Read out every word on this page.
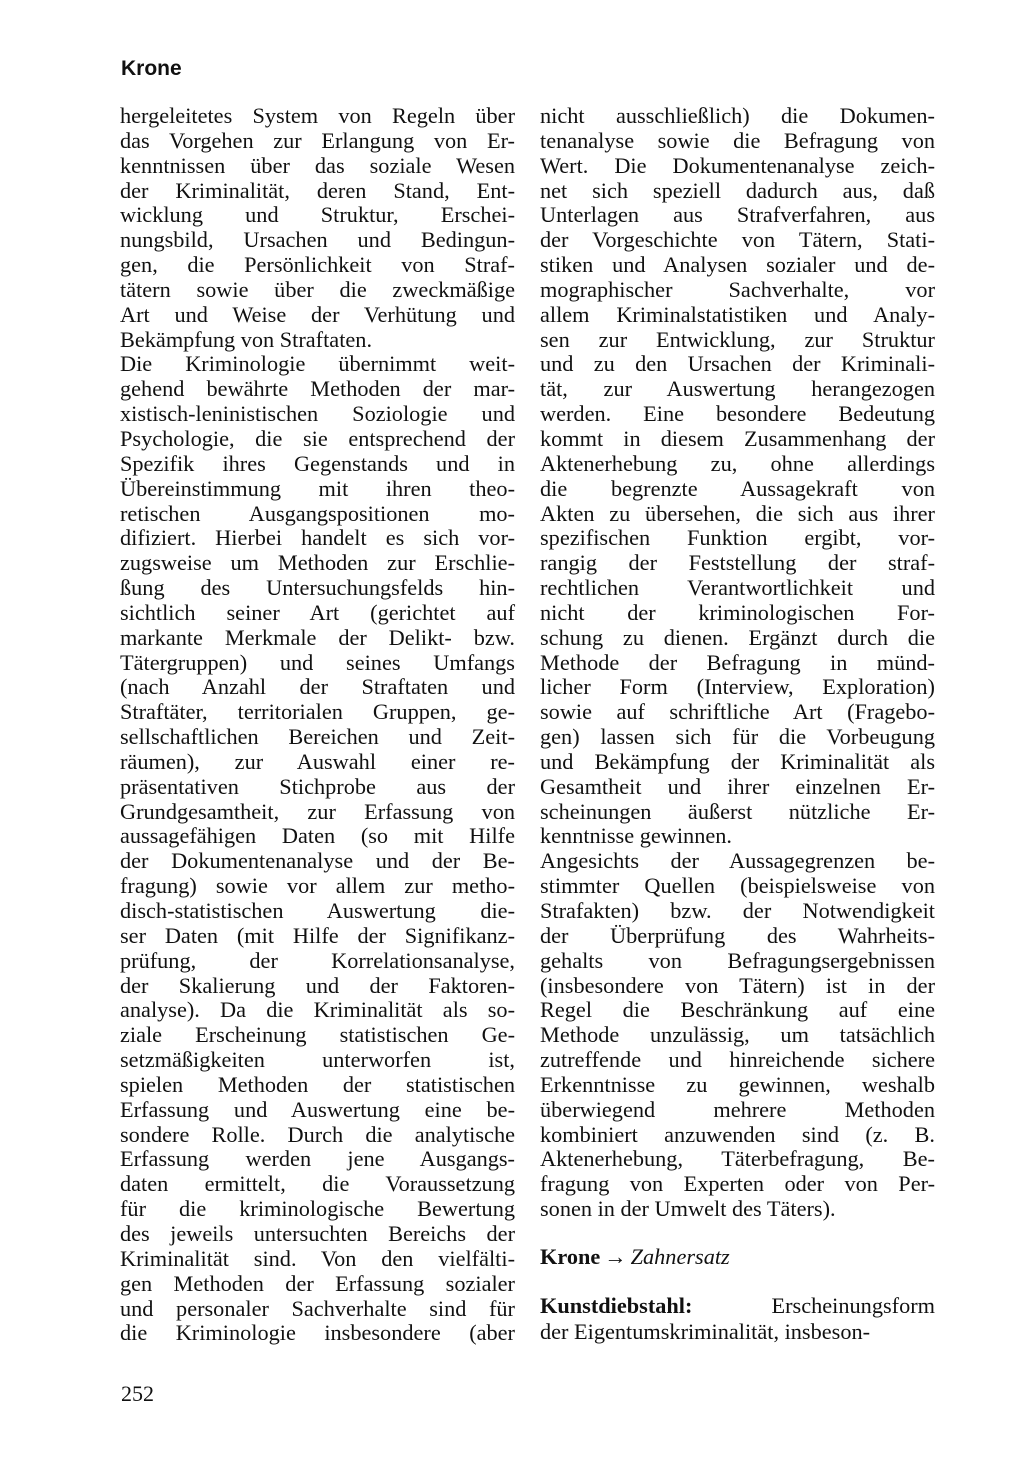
Krone
hergeleitetes System von Regeln über
das Vorgehen zur Erlangung von Er-
kenntnissen über das soziale Wesen
der Kriminalität, deren Stand, Ent-
wicklung und Struktur, Erschei-
nungsbild, Ursachen und Bedingun-
gen, die Persönlichkeit von Straf-
tätern sowie über die zweckmäßige
Art und Weise der Verhütung und
Bekämpfung von Straftaten.
Die Kriminologie übernimmt weit-
gehend bewährte Methoden der mar-
xistisch-leninistischen Soziologie und
Psychologie, die sie entsprechend der
Spezifik ihres Gegenstands und in
Übereinstimmung mit ihren theo-
retischen Ausgangspositionen mo-
difiziert. Hierbei handelt es sich vor-
zugsweise um Methoden zur Erschlie-
ßung des Untersuchungsfelds hin-
sichtlich seiner Art (gerichtet auf
markante Merkmale der Delikt- bzw.
Tätergruppen) und seines Umfangs
(nach Anzahl der Straftaten und
Straftäter, territorialen Gruppen, ge-
sellschaftlichen Bereichen und Zeit-
räumen), zur Auswahl einer re-
präsentativen Stichprobe aus der
Grundgesamtheit, zur Erfassung von
aussagefähigen Daten (so mit Hilfe
der Dokumentenanalyse und der Be-
fragung) sowie vor allem zur metho-
disch-statistischen Auswertung die-
ser Daten (mit Hilfe der Signifikanz-
prüfung, der Korrelationsanalyse,
der Skalierung und der Faktoren-
analyse). Da die Kriminalität als so-
ziale Erscheinung statistischen Ge-
setzmäßigkeiten unterworfen ist,
spielen Methoden der statistischen
Erfassung und Auswertung eine be-
sondere Rolle. Durch die analytische
Erfassung werden jene Ausgangs-
daten ermittelt, die Voraussetzung
für die kriminologische Bewertung
des jeweils untersuchten Bereichs der
Kriminalität sind. Von den vielfälti-
gen Methoden der Erfassung sozialer
und personaler Sachverhalte sind für
die Kriminologie insbesondere (aber
nicht ausschließlich) die Dokumen-
tenanalyse sowie die Befragung von
Wert. Die Dokumentenanalyse zeich-
net sich speziell dadurch aus, daß
Unterlagen aus Strafverfahren, aus
der Vorgeschichte von Tätern, Stati-
stiken und Analysen sozialer und de-
mographischer Sachverhalte, vor
allem Kriminalstatistiken und Analy-
sen zur Entwicklung, zur Struktur
und zu den Ursachen der Kriminali-
tät, zur Auswertung herangezogen
werden. Eine besondere Bedeutung
kommt in diesem Zusammenhang der
Aktenerhebung zu, ohne allerdings
die begrenzte Aussagekraft von
Akten zu übersehen, die sich aus ihrer
spezifischen Funktion ergibt, vor-
rangig der Feststellung der straf-
rechtlichen Verantwortlichkeit und
nicht der kriminologischen For-
schung zu dienen. Ergänzt durch die
Methode der Befragung in münd-
licher Form (Interview, Exploration)
sowie auf schriftliche Art (Fragebo-
gen) lassen sich für die Vorbeugung
und Bekämpfung der Kriminalität als
Gesamtheit und ihrer einzelnen Er-
scheinungen äußerst nützliche Er-
kenntnisse gewinnen.
Angesichts der Aussagegrenzen be-
stimmter Quellen (beispielsweise von
Strafakten) bzw. der Notwendigkeit
der Überprüfung des Wahrheits-
gehalts von Befragungsergebnissen
(insbesondere von Tätern) ist in der
Regel die Beschränkung auf eine
Methode unzulässig, um tatsächlich
zutreffende und hinreichende sichere
Erkenntnisse zu gewinnen, weshalb
überwiegend mehrere Methoden
kombiniert anzuwenden sind (z. B.
Aktenerhebung, Täterbefragung, Be-
fragung von Experten oder von Per-
sonen in der Umwelt des Täters).
Krone → Zahnersatz
Kunstdiebstahl:	Erscheinungsform
der Eigentumskriminalität, insbeson-
252
